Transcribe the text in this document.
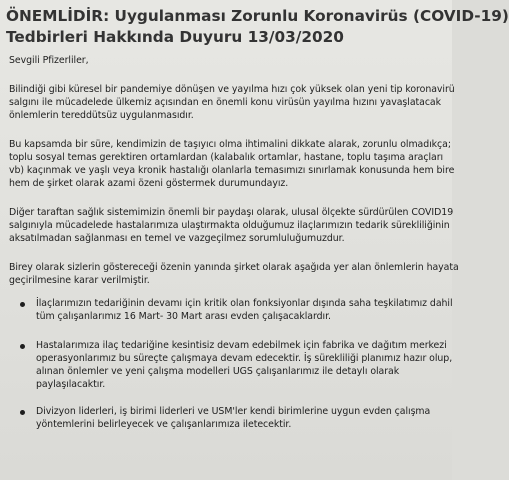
ÖNEMLİDİR: Uygulanması Zorunlu Koronavirüs (COVID-19)
Tedbirleri Hakkında Duyuru 13/03/2020
Sevgili Pfizerliler,
Bilindiği gibi küresel bir pandemiye dönüşen ve yayılma hızı çok yüksek olan yeni tip koronavirü
salgını ile mücadelede ülkemiz açısından en önemli konu virüsün yayılma hızını yavaşlatacak
önlemlerin tereddütsüz uygulanmasıdır.
Bu kapsamda bir süre, kendimizin de taşıyıcı olma ihtimalini dikkate alarak, zorunlu olmadıkça;
toplu sosyal temas gerektiren ortamlardan (kalabalık ortamlar, hastane, toplu taşıma araçları
vb) kaçınmak ve yaşlı veya kronik hastalığı olanlarla temasımızı sınırlamak konusunda hem bire
hem de şirket olarak azami özeni göstermek durumundayız.
Diğer taraftan sağlık sistemimizin önemli bir paydaşı olarak, ulusal ölçekte sürdürülen COVID19
salgınıyla mücadelede hastalarımıza ulaştırmakta olduğumuz ilaçlarımızın tedarik sürekliliğinin
aksatılmadan sağlanması en temel ve vazgeçilmez sorumluluğumuzdur.
Birey olarak sizlerin göstereceği özenin yanında şirket olarak aşağıda yer alan önlemlerin hayata
geçirilmesine karar verilmiştir.
İlaçlarımızın tedariğinin devamı için kritik olan fonksiyonlar dışında saha teşkilatımız dahil
tüm çalışanlarımız 16 Mart- 30 Mart arası evden çalışacaklardır.
Hastalarımıza ilaç tedariğine kesintisiz devam edebilmek için fabrika ve dağıtım merkezi
operasyonlarımız bu süreçte çalışmaya devam edecektir. İş sürekliliği planımız hazır olup,
alınan önlemler ve yeni çalışma modelleri UGS çalışanlarımız ile detaylı olarak
paylaşılacaktır.
Divizyon liderleri, iş birimi liderleri ve USM'ler kendi birimlerine uygun evden çalışma
yöntemlerini belirleyecek ve çalışanlarımıza iletecektir.
